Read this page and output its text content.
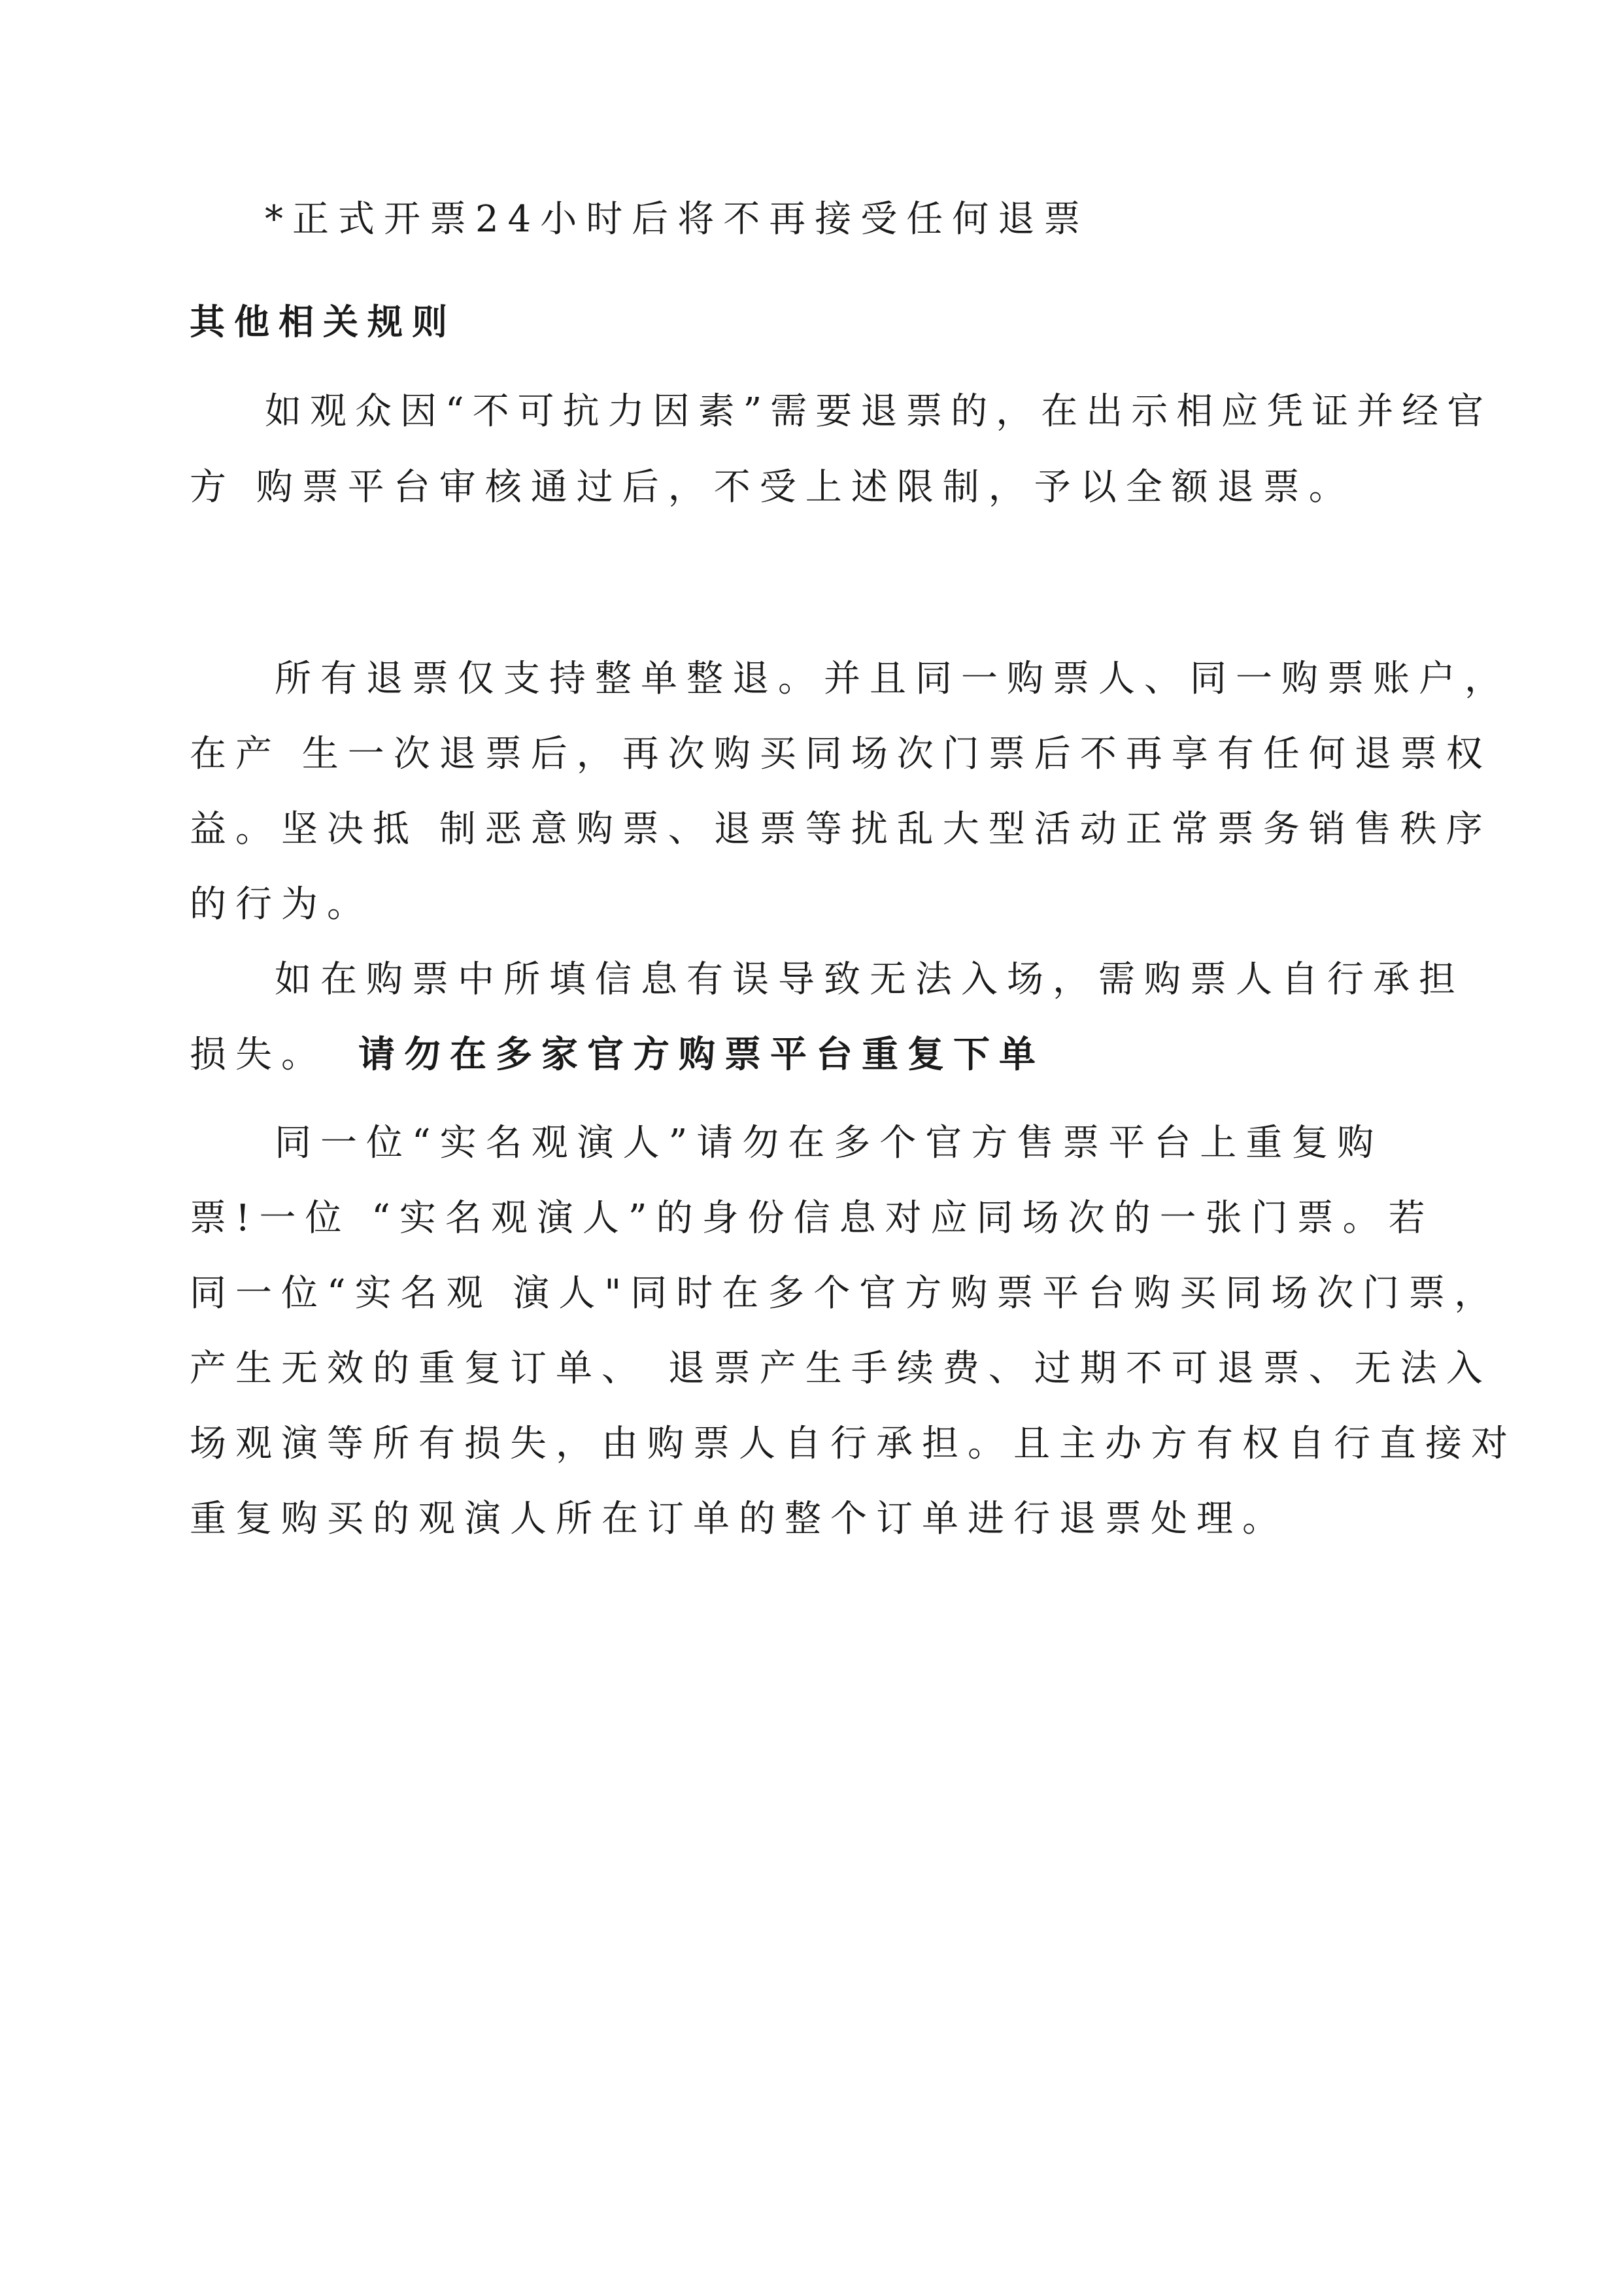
*正式开票24小时后将不再接受任何退票

其他相关规则

如观众因“不可抗力因素”需要退票的，在出示相应凭证并经官

方 购票平台审核通过后，不受上述限制，予以全额退票。

所有退票仅支持整单整退。并且同一购票人、同一购票账户，

在产 生一次退票后，再次购买同场次门票后不再享有任何退票权

益。坚决抵 制恶意购票、退票等扰乱大型活动正常票务销售秩序

的行为。

如在购票中所填信息有误导致无法入场，需购票人自行承担

损失。 请勿在多家官方购票平台重复下单

同一位“实名观演人”请勿在多个官方售票平台上重复购

票!一位 “实名观演人”的身份信息对应同场次的一张门票。若

同一位“实名观 演人"同时在多个官方购票平台购买同场次门票，

产生无效的重复订单、 退票产生手续费、过期不可退票、无法入

场观演等所有损失，由购票人自行承担。且主办方有权自行直接对

重复购买的观演人所在订单的整个订单进行退票处理。
